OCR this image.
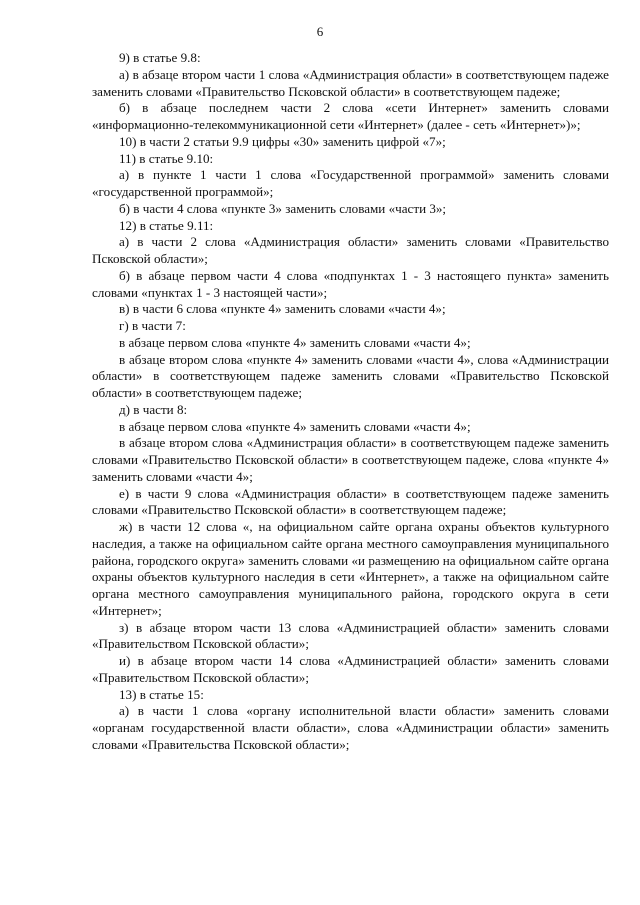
6

9) в статье 9.8:

а) в абзаце втором части 1 слова «Администрация области» в соответствующем падеже заменить словами «Правительство Псковской области» в соответствующем падеже;

б) в абзаце последнем части 2 слова «сети Интернет» заменить словами «информационно-телекоммуникационной сети «Интернет» (далее - сеть «Интернет»)»;

10) в части 2 статьи 9.9 цифры «30» заменить цифрой «7»;

11) в статье 9.10:

а) в пункте 1 части 1 слова «Государственной программой» заменить словами «государственной программой»;

б) в части 4 слова «пункте 3» заменить словами «части 3»;

12) в статье 9.11:

а) в части 2 слова «Администрация области» заменить словами «Правительство Псковской области»;

б) в абзаце первом части 4 слова «подпунктах 1 - 3 настоящего пункта» заменить словами «пунктах 1 - 3 настоящей части»;

в) в части 6 слова «пункте 4» заменить словами «части 4»;

г) в части 7:

в абзаце первом слова «пункте 4» заменить словами «части 4»;

в абзаце втором слова «пункте 4» заменить словами «части 4», слова «Администрации области» в соответствующем падеже заменить словами «Правительство Псковской области» в соответствующем падеже;

д) в части 8:

в абзаце первом слова «пункте 4» заменить словами «части 4»;

в абзаце втором слова «Администрация области» в соответствующем падеже заменить словами «Правительство Псковской области» в соответствующем падеже, слова «пункте 4» заменить словами «части 4»;

е) в части 9 слова «Администрация области» в соответствующем падеже заменить словами «Правительство Псковской области» в соответствующем падеже;

ж) в части 12 слова «, на официальном сайте органа охраны объектов культурного наследия, а также на официальном сайте органа местного самоуправления муниципального района, городского округа» заменить словами «и размещению на официальном сайте органа охраны объектов культурного наследия в сети «Интернет», а также на официальном сайте органа местного самоуправления муниципального района, городского округа в сети «Интернет»;

з) в абзаце втором части 13 слова «Администрацией области» заменить словами «Правительством Псковской области»;

и) в абзаце втором части 14 слова «Администрацией области» заменить словами «Правительством Псковской области»;

13) в статье 15:

а) в части 1 слова «органу исполнительной власти области» заменить словами «органам государственной власти области», слова «Администрации области» заменить словами «Правительства Псковской области»;
